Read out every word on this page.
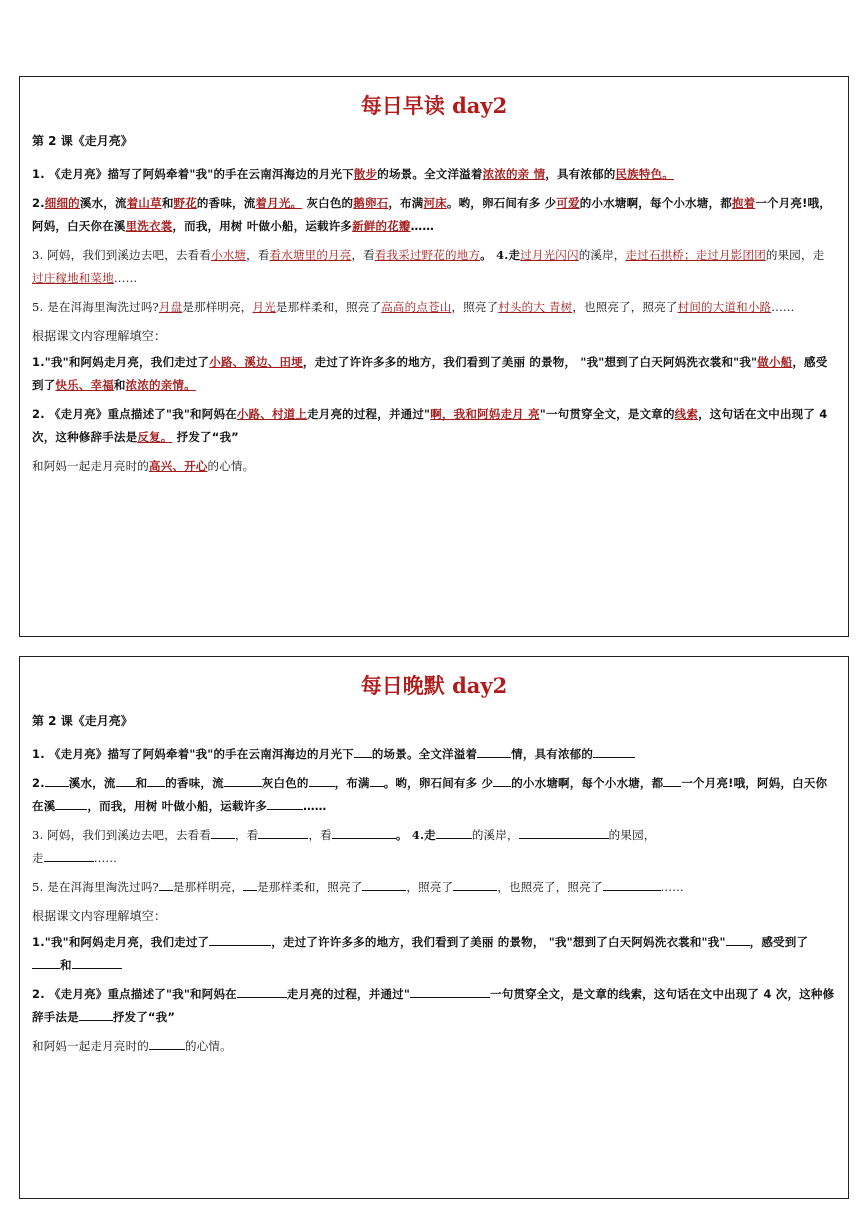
每日早读 day2
第 2 课《走月亮》
1. 《走月亮》描写了阿妈牵着"我"的手在云南洱海边的月光下散步的场景。全文洋溢着浓浓的亲 情，具有浓郁的民族特色。
2.细细的溪水，流着山草和野花的香味，流着月光。 灰白色的鹅卵石，布满河床。哟，卵石间有多 少可爱的小水塘啊，每个小水塘，都抱着一个月亮!哦，阿妈，白天你在溪里洗衣裳，而我，用树 叶做小船，运载许多新鲜的花瓣……
3. 阿妈，我们到溪边去吧，去看看小水塘，看看水塘里的月亮，看看我采过野花的地方。 4.走过月光闪闪的溪岸，走过石拱桥；走过月影团团的果园，走过庄稼地和菜地……
5. 是在洱海里淘洗过吗?月盘是那样明亮，月光是那样柔和，照亮了高高的点苍山，照亮了村头的大 青树，也照亮了，照亮了村间的大道和小路……
根据课文内容理解填空：
1."我"和阿妈走月亮，我们走过了小路、溪边、田埂，走过了许许多多的地方，我们看到了美丽 的景物， "我"想到了白天阿妈洗衣裳和"我"做小船，感受到了快乐、幸福和浓浓的亲情。
2. 《走月亮》重点描述了"我"和阿妈在小路、村道上走月亮的过程，并通过"啊，我和阿妈走月 亮"一句贯穿全文，是文章的线索，这句话在文中出现了 4 次，这种修辞手法是反复。 抒发了“我”
和阿妈一起走月亮时的高兴、开心的心情。
每日晚默 day2
第 2 课《走月亮》
1. 《走月亮》描写了阿妈牵着"我"的手在云南洱海边的月光下 的场景。全文洋溢着	情，具有浓郁的
2. 溪水，流 和 的香味，流	灰白色的 ，布满 。哟，卵石间有多 少 的小水塘啊，每个小水塘，都 一个月亮!哦，阿妈，白天你在溪	，而我，用树 叶做小船，运载许多	……
3. 阿妈，我们到溪边去吧，去看看 ，看	，看	。 4.走	的溪岸，	的果园，
走	……
5. 是在洱海里淘洗过吗? 是那样明亮， 是那样柔和，照亮了	，照亮了	，也照亮了，照亮了	……
根据课文内容理解填空：
1."我"和阿妈走月亮，我们走过了	，走过了许许多多的地方，我们看到了美丽 的景物， "我"想到了白天阿妈洗衣裳和"我" ，感受到了和
2. 《走月亮》重点描述了"我"和阿妈在	走月亮的过程，并通过"	一句贯穿全文，是文章的线索，这句话在文中出现了 4 次，这种修辞手法是	抒发了“我”
和阿妈一起走月亮时的	的心情。
